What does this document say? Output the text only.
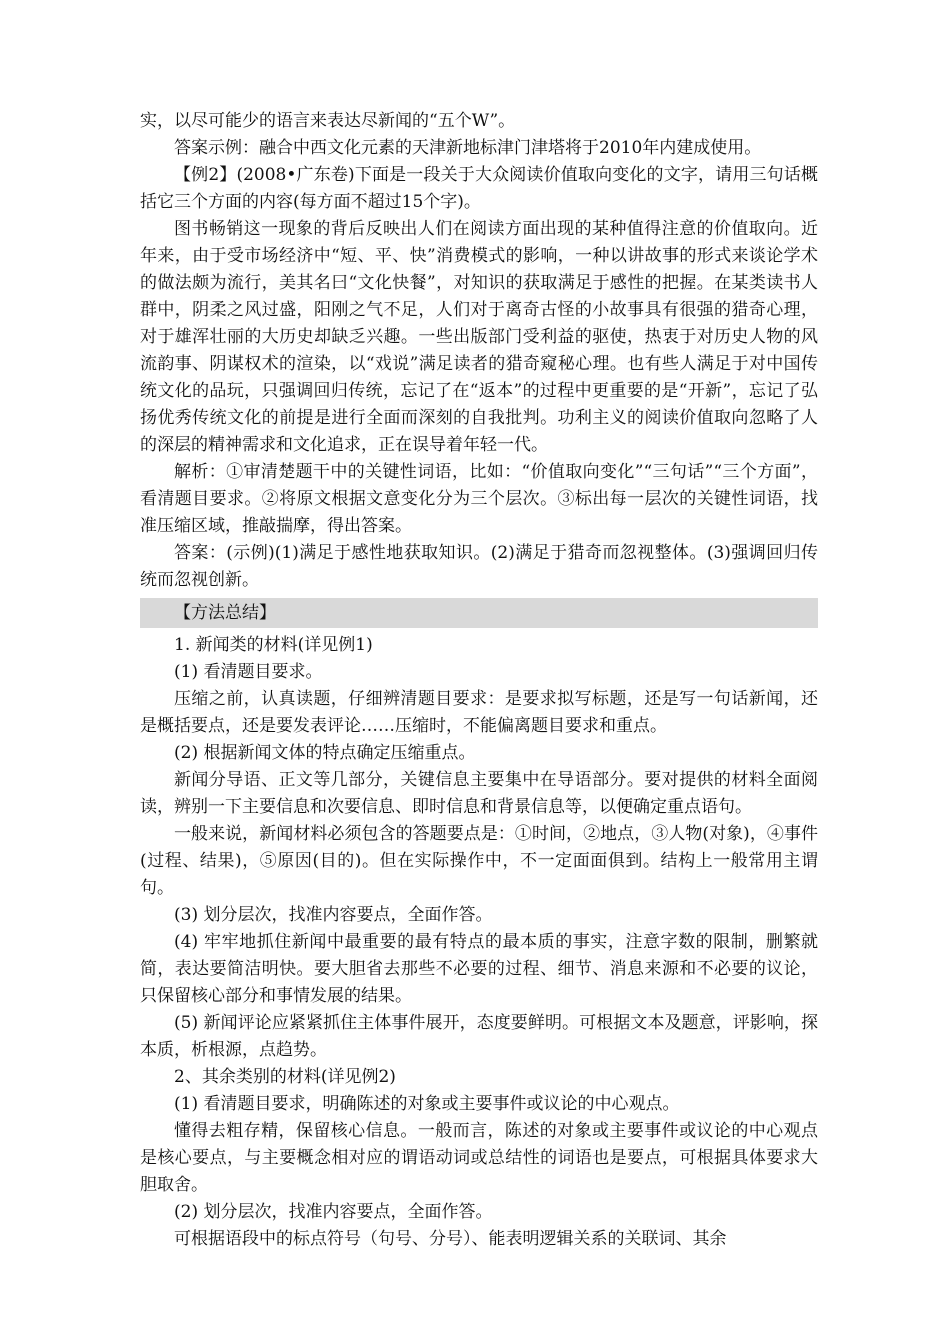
实，以尽可能少的语言来表达尽新闻的“五个W”。

答案示例：融合中西文化元素的天津新地标津门津塔将于2010年内建成使用。

【例2】(2008•广东卷)下面是一段关于大众阅读价值取向变化的文字，请用三句话概括它三个方面的内容(每方面不超过15个字)。

图书畅销这一现象的背后反映出人们在阅读方面出现的某种值得注意的价值取向。近年来，由于受市场经济中“短、平、快”消费模式的影响，一种以讲故事的形式来谈论学术的做法颇为流行，美其名曰“文化快餐”，对知识的获取满足于感性的把握。在某类读书人群中，阴柔之风过盛，阳刚之气不足，人们对于离奇古怪的小故事具有很强的猎奇心理，对于雄浑壮丽的大历史却缺乏兴趣。一些出版部门受利益的驱使，热衷于对历史人物的风流韵事、阴谋权术的渲染，以“戏说”满足读者的猎奇窥秘心理。也有些人满足于对中国传统文化的品玩，只强调回归传统，忘记了在“返本”的过程中更重要的是“开新”，忘记了弘扬优秀传统文化的前提是进行全面而深刻的自我批判。功利主义的阅读价值取向忽略了人的深层的精神需求和文化追求，正在误导着年轻一代。

解析：①审清楚题干中的关键性词语，比如：“价值取向变化”“三句话”“三个方面”，看清题目要求。②将原文根据文意变化分为三个层次。③标出每一层次的关键性词语，找准压缩区域，推敲揣摩，得出答案。

答案：(示例)(1)满足于感性地获取知识。(2)满足于猎奇而忽视整体。(3)强调回归传统而忽视创新。

【方法总结】

1. 新闻类的材料(详见例1)

(1) 看清题目要求。

压缩之前，认真读题，仔细辨清题目要求：是要求拟写标题，还是写一句话新闻，还是概括要点，还是要发表评论……压缩时，不能偏离题目要求和重点。

(2) 根据新闻文体的特点确定压缩重点。

新闻分导语、正文等几部分，关键信息主要集中在导语部分。要对提供的材料全面阅读，辨别一下主要信息和次要信息、即时信息和背景信息等，以便确定重点语句。

一般来说，新闻材料必须包含的答题要点是：①时间，②地点，③人物(对象)，④事件(过程、结果)，⑤原因(目的)。但在实际操作中，不一定面面俱到。结构上一般常用主谓句。

(3) 划分层次，找准内容要点，全面作答。

(4) 牢牢地抓住新闻中最重要的最有特点的最本质的事实，注意字数的限制，删繁就简，表达要简洁明快。要大胆省去那些不必要的过程、细节、消息来源和不必要的议论，只保留核心部分和事情发展的结果。

(5) 新闻评论应紧紧抓住主体事件展开，态度要鲜明。可根据文本及题意，评影响，探本质，析根源，点趋势。

2、其余类别的材料(详见例2)

(1) 看清题目要求，明确陈述的对象或主要事件或议论的中心观点。

懂得去粗存精，保留核心信息。一般而言，陈述的对象或主要事件或议论的中心观点是核心要点，与主要概念相对应的谓语动词或总结性的词语也是要点，可根据具体要求大胆取舍。

(2) 划分层次，找准内容要点，全面作答。

可根据语段中的标点符号（句号、分号）、能表明逻辑关系的关联词、其余
